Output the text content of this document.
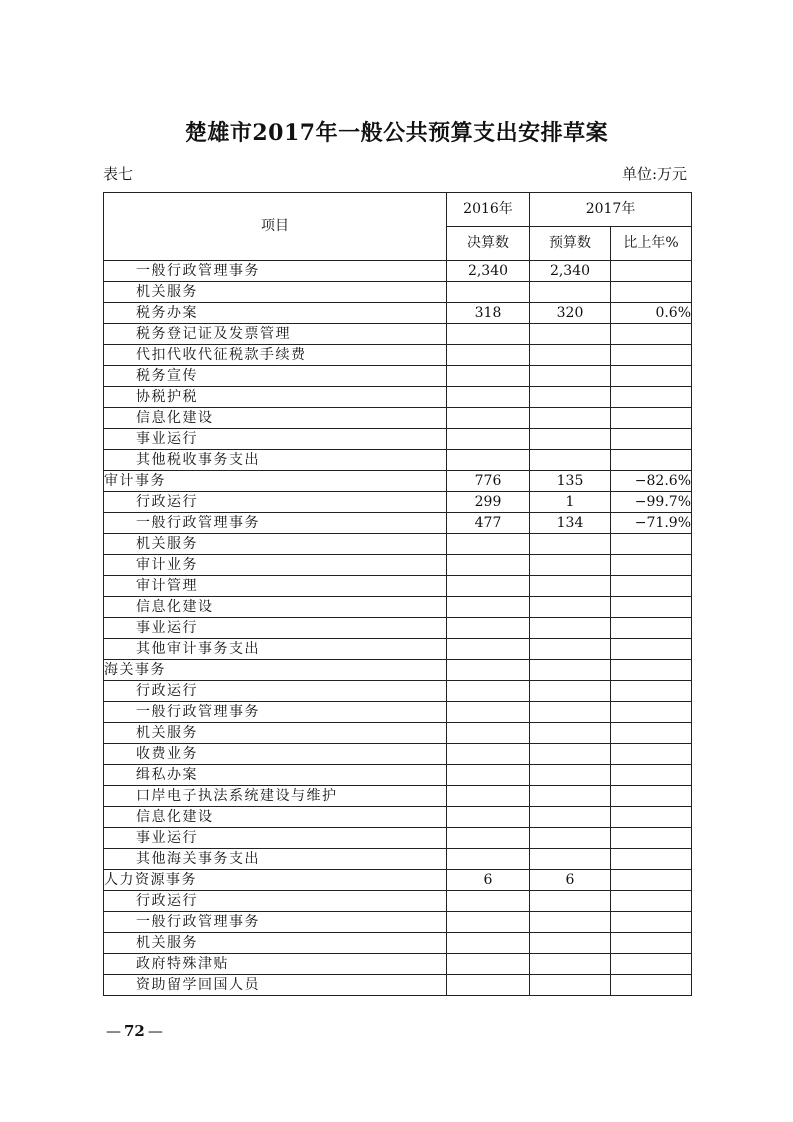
楚雄市2017年一般公共预算支出安排草案
表七	单位:万元
项目	2016年	2017年	
	决算数	预算数	比上年%
一般行政管理事务	2,340	2,340	
机关服务			
税务办案	318	320	0.6%
税务登记证及发票管理			
代扣代收代征税款手续费			
税务宣传			
协税护税			
信息化建设			
事业运行			
其他税收事务支出			
审计事务	776	135	−82.6%
行政运行	299	1	−99.7%
一般行政管理事务	477	134	−71.9%
机关服务			
审计业务			
审计管理			
信息化建设			
事业运行			
其他审计事务支出			
海关事务			
行政运行			
一般行政管理事务			
机关服务			
收费业务			
缉私办案			
口岸电子执法系统建设与维护			
信息化建设			
事业运行			
其他海关事务支出			
人力资源事务	6	6	
行政运行			
一般行政管理事务			
机关服务			
政府特殊津贴			
资助留学回国人员			
— 72 —
